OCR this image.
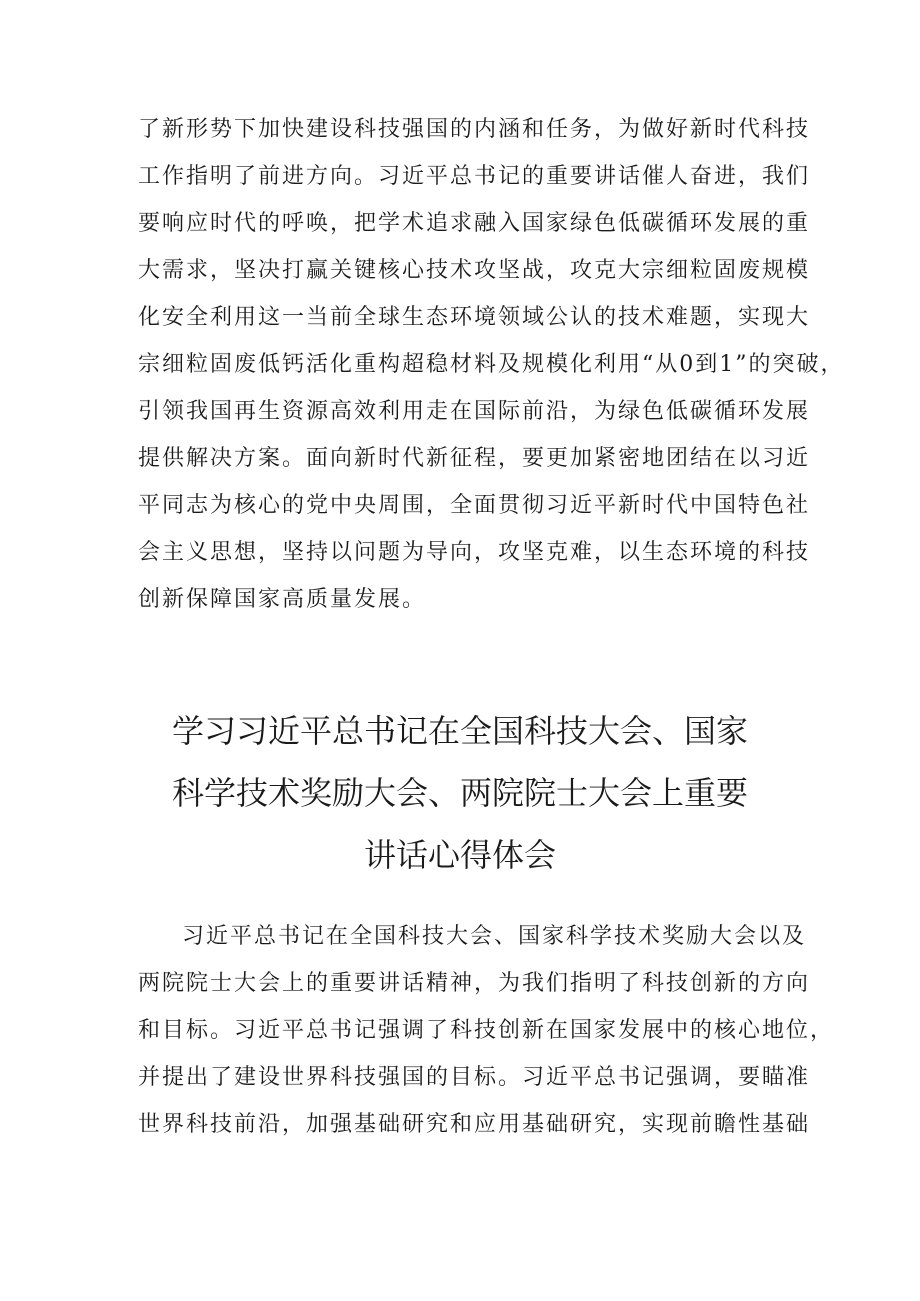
了新形势下加快建设科技强国的内涵和任务，为做好新时代科技
工作指明了前进方向。习近平总书记的重要讲话催人奋进，我们
要响应时代的呼唤，把学术追求融入国家绿色低碳循环发展的重
大需求，坚决打赢关键核心技术攻坚战，攻克大宗细粒固废规模
化安全利用这一当前全球生态环境领域公认的技术难题，实现大
宗细粒固废低钙活化重构超稳材料及规模化利用“从0到1”的突破，
引领我国再生资源高效利用走在国际前沿，为绿色低碳循环发展
提供解决方案。面向新时代新征程，要更加紧密地团结在以习近
平同志为核心的党中央周围，全面贯彻习近平新时代中国特色社
会主义思想，坚持以问题为导向，攻坚克难，以生态环境的科技
创新保障国家高质量发展。

学习习近平总书记在全国科技大会、国家
科学技术奖励大会、两院院士大会上重要
讲话心得体会

习近平总书记在全国科技大会、国家科学技术奖励大会以及
两院院士大会上的重要讲话精神，为我们指明了科技创新的方向
和目标。习近平总书记强调了科技创新在国家发展中的核心地位，
并提出了建设世界科技强国的目标。习近平总书记强调，要瞄准
世界科技前沿，加强基础研究和应用基础研究，实现前瞻性基础
